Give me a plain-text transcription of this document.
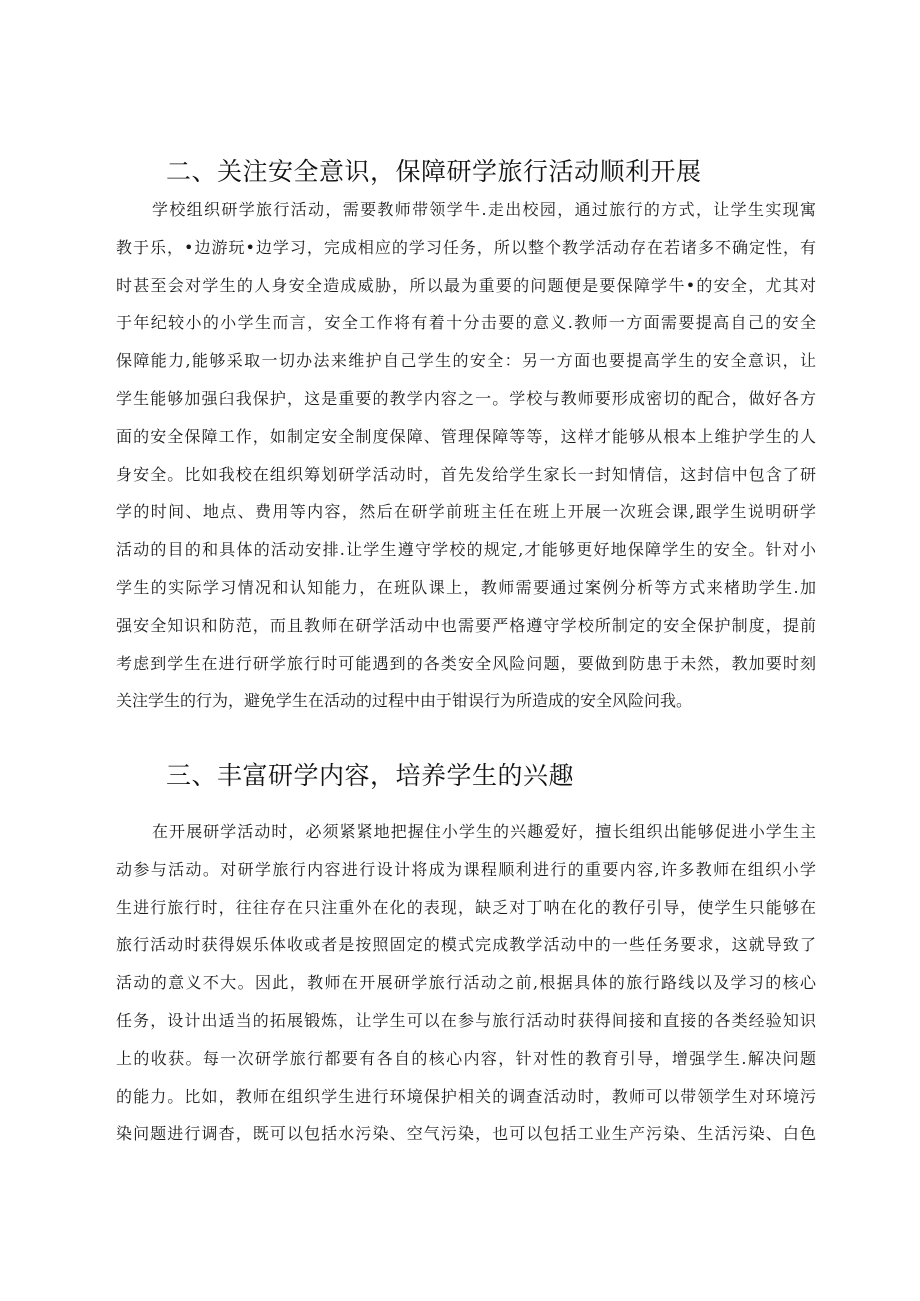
二、关注安全意识，保障研学旅行活动顺利开展
学校组织研学旅行活动，需要教师带领学牛.走出校园，通过旅行的方式，让学生实现寓
教于乐，•边游玩•边学习，完成相应的学习任务，所以整个教学活动存在若诸多不确定性，有
时甚至会对学生的人身安全造成威胁，所以最为重要的问题便是要保障学牛•的安全，尤其对
于年纪较小的小学生而言，安全工作将有着十分击要的意义.教师一方面需要提高自己的安全
保障能力,能够采取一切办法来维护自己学生的安全：另一方面也要提高学生的安全意识，让
学生能够加强臼我保护，这是重要的教学内容之一。学校与教师要形成密切的配合，做好各方
面的安全保障工作，如制定安全制度保障、管理保障等等，这样才能够从根本上维护学生的人
身安全。比如我校在组织筹划研学活动时，首先发给学生家长一封知情信，这封信中包含了研
学的时间、地点、费用等内容，然后在研学前班主任在班上开展一次班会课,跟学生说明研学
活动的目的和具体的活动安排.让学生遵守学校的规定,才能够更好地保障学生的安全。针对小
学生的实际学习情况和认知能力，在班队课上，教师需要通过案例分析等方式来楮助学生.加
强安全知识和防范，而且教师在研学活动中也需要严格遵守学校所制定的安全保护制度，提前
考虑到学生在进行研学旅行时可能遇到的各类安全风险问题，要做到防患于未然，教加要时刻
关注学生的行为，避免学生在活动的过程中由于钳误行为所造成的安全风险问我。
三、丰富研学内容，培养学生的兴趣
在开展研学活动时，必须紧紧地把握住小学生的兴趣爱好，擅长组织出能够促进小学生主
动参与活动。对研学旅行内容进行设计将成为课程顺利进行的重要内容,许多教师在组织小学
生进行旅行时，往往存在只注重外在化的表现，缺乏对丁呐在化的教仔引导，使学生只能够在
旅行活动时获得娱乐体收或者是按照固定的模式完成教学活动中的一些任务要求，这就导致了
活动的意义不大。因此，教师在开展研学旅行活动之前,根据具体的旅行路线以及学习的核心
任务，设计出适当的拓展锻炼，让学生可以在参与旅行活动时获得间接和直接的各类经验知识
上的收获。每一次研学旅行都要有各自的核心内容，针对性的教育引导，增强学生.解决问题
的能力。比如，教师在组织学生进行环境保护相关的调查活动时，教师可以带领学生对环境污
染问题进行调杳，既可以包括水污染、空气污染，也可以包括工业生产污染、生活污染、白色
